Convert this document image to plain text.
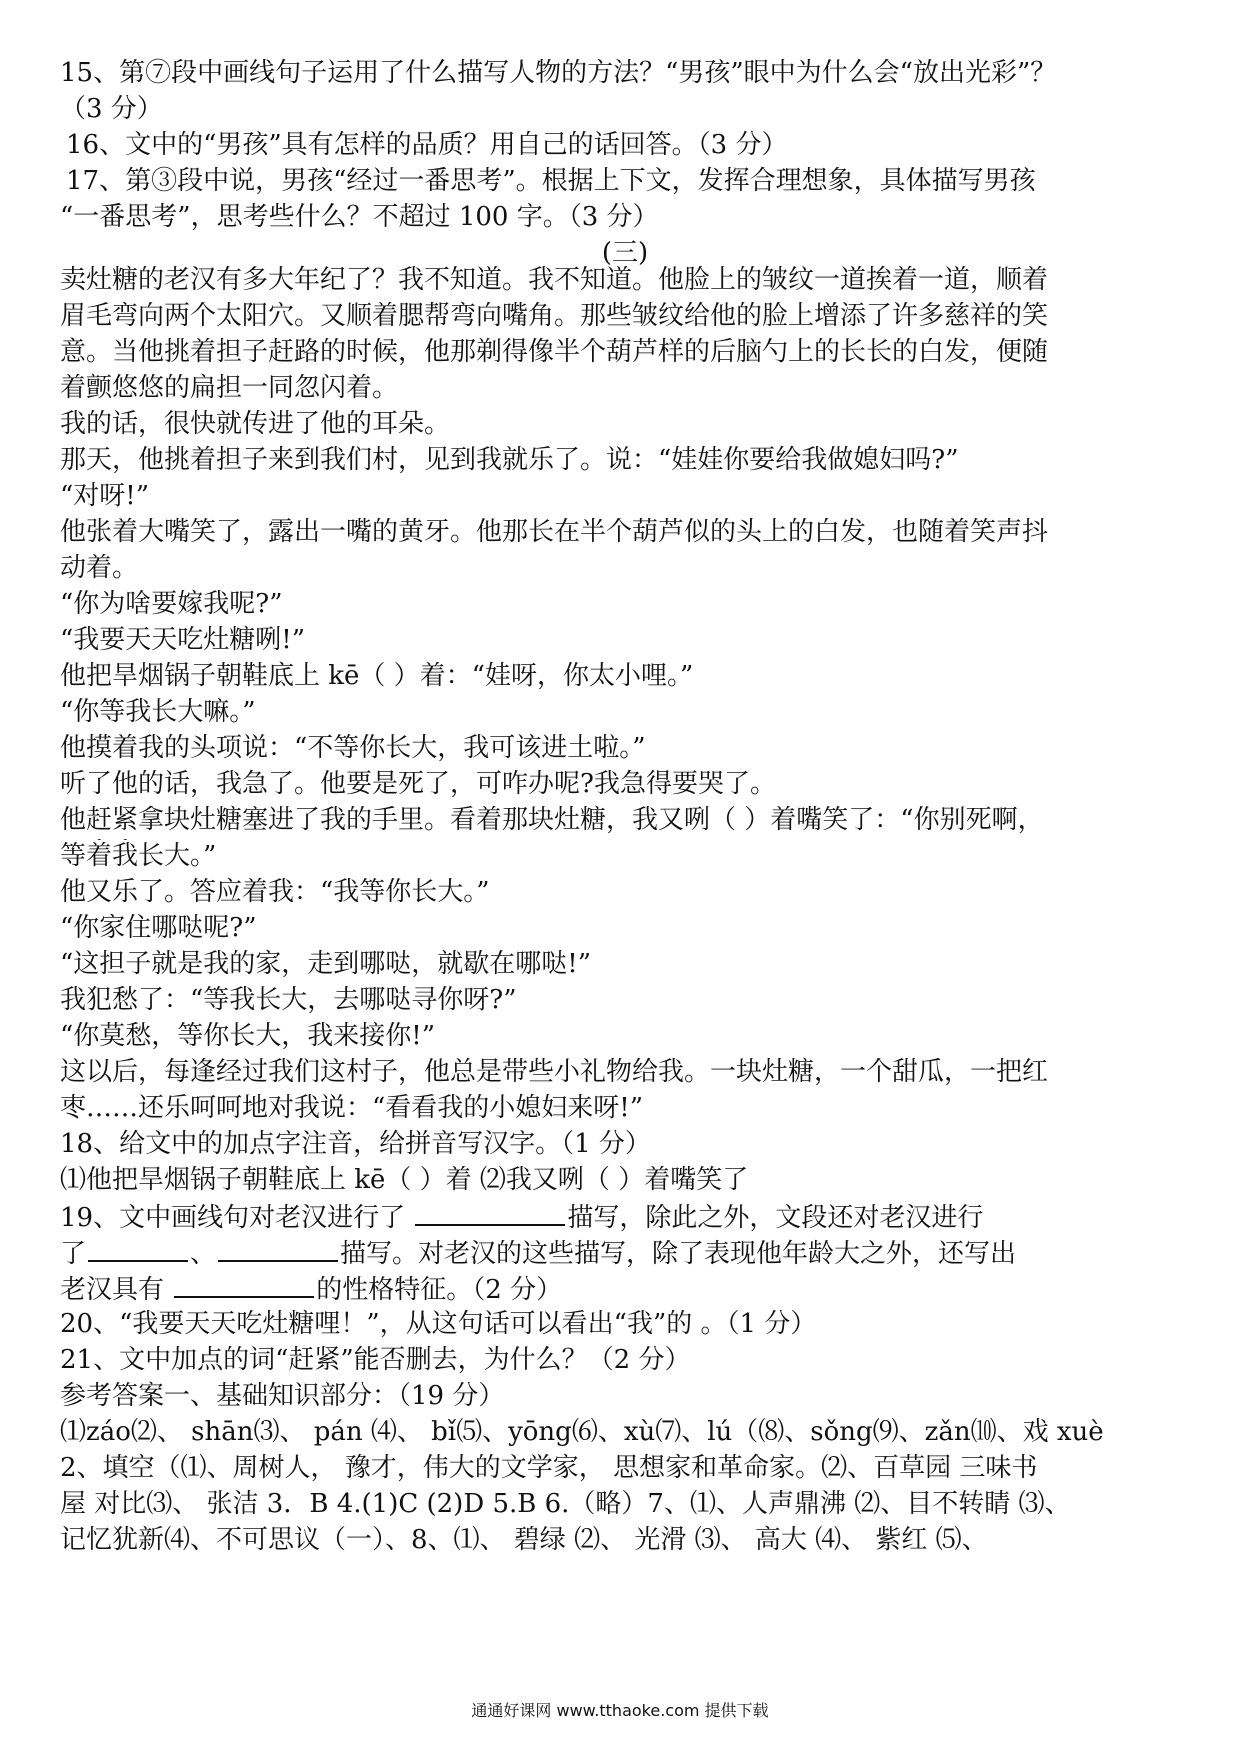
15、第⑦段中画线句子运用了什么描写人物的方法？“男孩”眼中为什么会“放出光彩”？
（3 分）
16、文中的“男孩”具有怎样的品质？用自己的话回答。（3 分）
17、第③段中说，男孩“经过一番思考”。根据上下文，发挥合理想象，具体描写男孩
“一番思考”，思考些什么？不超过 100 字。（3 分）
(三)
卖灶糖的老汉有多大年纪了？我不知道。我不知道。他脸上的皱纹一道挨着一道，顺着
眉毛弯向两个太阳穴。又顺着腮帮弯向嘴角。那些皱纹给他的脸上增添了许多慈祥的笑
意。当他挑着担子赶路的时候，他那剃得像半个葫芦样的后脑勺上的长长的白发，便随
着颤悠悠的扁担一同忽闪着。
我的话，很快就传进了他的耳朵。
那天，他挑着担子来到我们村，见到我就乐了。说：“娃娃你要给我做媳妇吗?”
“对呀!”
他张着大嘴笑了，露出一嘴的黄牙。他那长在半个葫芦似的头上的白发，也随着笑声抖
动着。
“你为啥要嫁我呢?”
“我要天天吃灶糖咧!”
他把旱烟锅子朝鞋底上 kē（ ）着：“娃呀，你太小哩。”
“你等我长大嘛。”
他摸着我的头项说：“不等你长大，我可该进土啦。”
听了他的话，我急了。他要是死了，可咋办呢?我急得要哭了。
他赶紧拿块灶糖塞进了我的手里。看着那块灶糖，我又咧（ ）着嘴笑了：“你别死啊，
等着我长大。”
他又乐了。答应着我：“我等你长大。”
“你家住哪哒呢?”
“这担子就是我的家，走到哪哒，就歇在哪哒!”
我犯愁了：“等我长大，去哪哒寻你呀?”
“你莫愁，等你长大，我来接你!”
这以后，每逢经过我们这村子，他总是带些小礼物给我。一块灶糖，一个甜瓜，一把红
枣……还乐呵呵地对我说：“看看我的小媳妇来呀!”
18、给文中的加点字注音，给拼音写汉字。（1 分）
⑴他把旱烟锅子朝鞋底上 kē（ ）着 ⑵我又咧（ ）着嘴笑了
19、文中画线句对老汉进行了	描写，除此之外，文段还对老汉进行
了	、	描写。对老汉的这些描写，除了表现他年龄大之外，还写出
老汉具有	的性格特征。（2 分）
20、“我要天天吃灶糖哩！”，从这句话可以看出“我”的 。（1 分）
21、文中加点的词“赶紧”能否删去，为什么？（2 分）
参考答案一、基础知识部分：（19 分）
⑴záo⑵、 shān⑶、 pán ⑷、 bǐ⑸、yōng⑹、xù⑺、lú（⑻、sǒng⑼、zǎn⑽、戏 xuè
2、填空（⑴、周树人， 豫才，伟大的文学家， 思想家和革命家。⑵、百草园 三味书
屋 对比⑶、 张洁 3．B 4.(1)C (2)D 5.B 6.（略）7、⑴、人声鼎沸 ⑵、目不转睛 ⑶、
记忆犹新⑷、不可思议（一）、8、⑴、 碧绿 ⑵、 光滑 ⑶、 高大 ⑷、 紫红 ⑸、
通通好课网 www.tthaoke.com 提供下载
